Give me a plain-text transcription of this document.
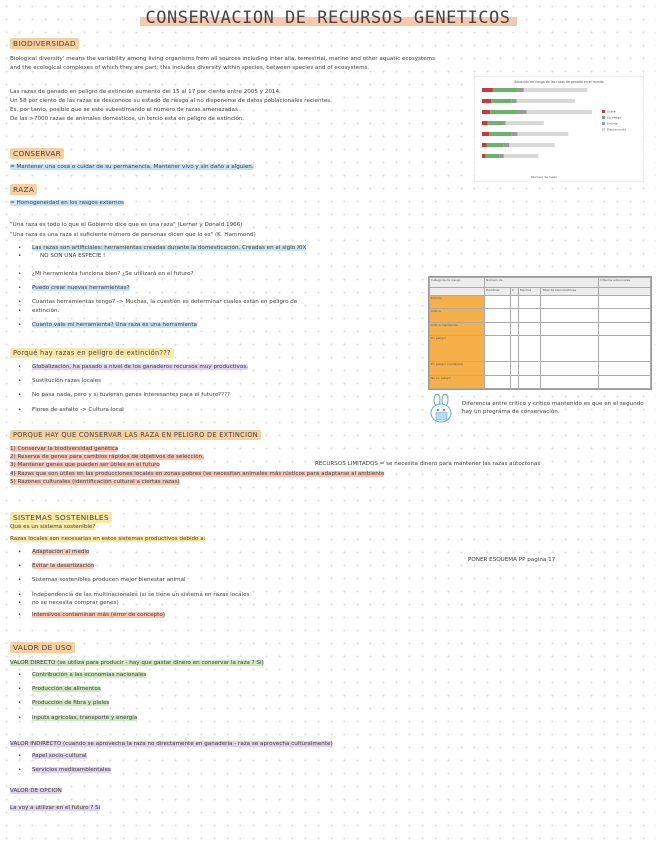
CONSERVACION DE RECURSOS GENETICOS
BIODIVERSIDAD
Biological diversity' means the variability among living organisms from all sources including inter alia, terrestrial, marine and other aquatic ecosystems
and the ecological complexes of which they are part; this includes diversity within species, between species and of ecosystems.
Las razas de ganado en peligro de extinción aumentó del 15 al 17 por ciento entre 2005 y 2014.
Un 58 por ciento de las razas se desconoce su estado de riesgo al no disponerse de datos poblacionales recientes.
Es, por tanto, posible que se esté subestimando el número de razas amenazadas
De las >7000 razas de animales domésticos, un tercio esta en peligro de extinción.
Situación de riesgo de las razas de ganado en el mundo
Número de razas
Sobre
En riesgo
Extinta
Desconocido
CONSERVAR
= Mantener una cosa o cuidar de su permanencia, Mantener vivo y sin daño a alguien.
RAZA
= Homogeneidad en los rasgos externos
"Una raza es todo lo que el Gobierno dice que es una raza" (Lerner y Donald,1966)
"Una raza es una raza si suficiente número de personas dicen que lo es" (K. Hammond)
• Las razas son artificiales: herramientas creadas durante la domesticación. Creadas en el siglo XIX
• NO SON UNA ESPECIE !
• ¿Mi herramienta funciona bien? ¿Se utilizará en el futuro?
• Puedo crear nuevas herramientas?
• Cuantas herramientas tengo? -> Muchas, la cuestión es determinar cuales están en peligro de
• extinción.
• Cuanto vale mi herramienta? Una raza es una herramienta
Categoría de riesgo	Número de				Criterios adicionales
	Hembras	C	Machos	Total de reproductores	
Extinta					
Crítica					
Crítica mantenida					
En peligro					
En peligro mantenida					
No en peligro					
Diferencia entre crítico y crítico mantenido es que en el segundo hay un programa de conservación.
Porqué hay razas en peligro de extinción???
• Globalización, ha pasado a nivel de los ganaderos recursos muy productivos.
• Sustitución razas locales
• No pasa nada, pero y si tuvieran genes interesantes para el futuro????
• Flores de asfalto -> Cultura local
PORQUE HAY QUE CONSERVAR LAS RAZA EN PELIGRO DE EXTINCION
1) Conservar la biodiversidad genética
2) Reserva de genes para cambios rápidos de objetivos de selección.
3) Mantener genes que pueden ser útiles en el futuro
4) Razas que son útiles en las producciones locales en zonas pobres (se necesitan animales más rústicos para adaptarse al ambiente
5) Razones culturales (identificación cultural a ciertas razas)
RECURSOS LIMITADOS = se necesita dinero para mantener las razas autoctonas
SISTEMAS SOSTENIBLES
Qué es un sistema sostenible?
Razas locales son necesarias en estos sistemas productivos debido a:
• Adaptación al medio
• Evitar la desertización
• Sistemas sostenibles producen mejor bienestar animal
• Independencia de las multinacionales (si se tiene un sistema en razas locales
• no se necesita comprar genes)
• Intensivos contaminan más (error de concepto)
PONER ESQUEMA PP pagina 17
VALOR DE USO
VALOR DIRECTO (se utiliza para producir - hay que gastar dinero en conservar la raza ? Sí)
• Contribución a las economías nacionales
• Producción de alimentos
• Producción de fibra y pieles
• Inputs agrícolas, transporte y energía
VALOR INDIRECTO (cuando se aprovecha la raza no directamente en ganadería - raza se aprovecha culturalmente)
• Papel socio-cultural
• Servicios medioambientales
VALOR DE OPCION
La voy a utilizar en el futuro ? Sí
